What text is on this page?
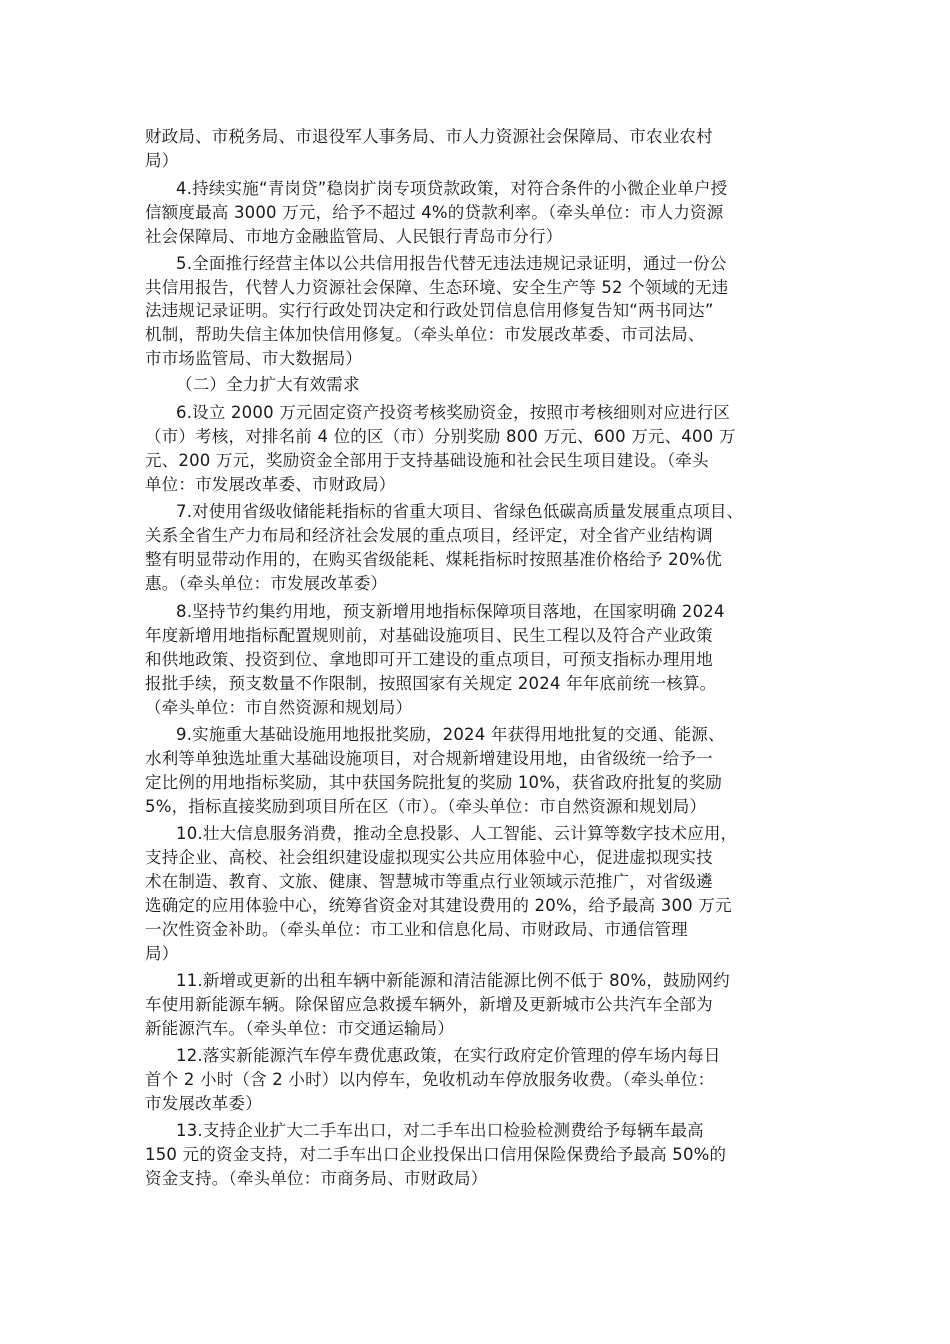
财政局、市税务局、市退役军人事务局、市人力资源社会保障局、市农业农村
局）
4.持续实施“青岗贷”稳岗扩岗专项贷款政策，对符合条件的小微企业单户授
信额度最高 3000 万元，给予不超过 4%的贷款利率。（牵头单位：市人力资源
社会保障局、市地方金融监管局、人民银行青岛市分行）
5.全面推行经营主体以公共信用报告代替无违法违规记录证明，通过一份公
共信用报告，代替人力资源社会保障、生态环境、安全生产等 52 个领域的无违
法违规记录证明。实行行政处罚决定和行政处罚信息信用修复告知“两书同达”
机制，帮助失信主体加快信用修复。（牵头单位：市发展改革委、市司法局、
市市场监管局、市大数据局）
（二）全力扩大有效需求
6.设立 2000 万元固定资产投资考核奖励资金，按照市考核细则对应进行区
（市）考核，对排名前 4 位的区（市）分别奖励 800 万元、600 万元、400 万
元、200 万元，奖励资金全部用于支持基础设施和社会民生项目建设。（牵头
单位：市发展改革委、市财政局）
7.对使用省级收储能耗指标的省重大项目、省绿色低碳高质量发展重点项目、
关系全省生产力布局和经济社会发展的重点项目，经评定，对全省产业结构调
整有明显带动作用的，在购买省级能耗、煤耗指标时按照基准价格给予 20%优
惠。（牵头单位：市发展改革委）
8.坚持节约集约用地，预支新增用地指标保障项目落地，在国家明确 2024
年度新增用地指标配置规则前，对基础设施项目、民生工程以及符合产业政策
和供地政策、投资到位、拿地即可开工建设的重点项目，可预支指标办理用地
报批手续，预支数量不作限制，按照国家有关规定 2024 年年底前统一核算。
（牵头单位：市自然资源和规划局）
9.实施重大基础设施用地报批奖励，2024 年获得用地批复的交通、能源、
水利等单独选址重大基础设施项目，对合规新增建设用地，由省级统一给予一
定比例的用地指标奖励，其中获国务院批复的奖励 10%，获省政府批复的奖励
5%，指标直接奖励到项目所在区（市）。（牵头单位：市自然资源和规划局）
10.壮大信息服务消费，推动全息投影、人工智能、云计算等数字技术应用，
支持企业、高校、社会组织建设虚拟现实公共应用体验中心，促进虚拟现实技
术在制造、教育、文旅、健康、智慧城市等重点行业领域示范推广，对省级遴
选确定的应用体验中心，统筹省资金对其建设费用的 20%，给予最高 300 万元
一次性资金补助。（牵头单位：市工业和信息化局、市财政局、市通信管理
局）
11.新增或更新的出租车辆中新能源和清洁能源比例不低于 80%，鼓励网约
车使用新能源车辆。除保留应急救援车辆外，新增及更新城市公共汽车全部为
新能源汽车。（牵头单位：市交通运输局）
12.落实新能源汽车停车费优惠政策，在实行政府定价管理的停车场内每日
首个 2 小时（含 2 小时）以内停车，免收机动车停放服务收费。（牵头单位：
市发展改革委）
13.支持企业扩大二手车出口，对二手车出口检验检测费给予每辆车最高
150 元的资金支持，对二手车出口企业投保出口信用保险保费给予最高 50%的
资金支持。（牵头单位：市商务局、市财政局）
